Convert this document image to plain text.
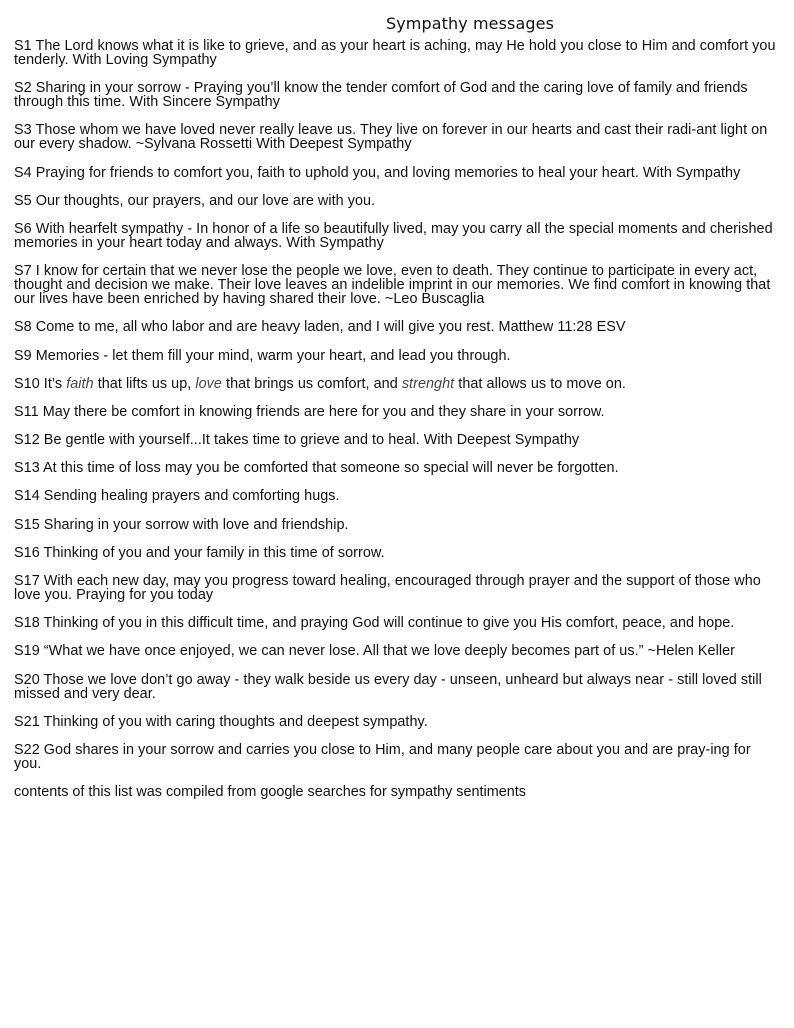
Sympathy messages

S1 The Lord knows what it is like to grieve, and as your heart is aching, may He hold you close to Him and comfort you tenderly. With Loving Sympathy

S2 Sharing in your sorrow - Praying you’ll know the tender comfort of God and the caring love of family and friends through this time. With Sincere Sympathy

S3 Those whom we have loved never really leave us. They live on forever in our hearts and cast their radi-ant light on our every shadow. ~Sylvana Rossetti With Deepest Sympathy

S4 Praying for friends to comfort you, faith to uphold you, and loving memories to heal your heart. With Sympathy

S5 Our thoughts, our prayers, and our love are with you.

S6 With hearfelt sympathy - In honor of a life so beautifully lived, may you carry all the special moments and cherished memories in your heart today and always. With Sympathy

S7 I know for certain that we never lose the people we love, even to death. They continue to participate in every act, thought and decision we make. Their love leaves an indelible imprint in our memories. We find comfort in knowing that our lives have been enriched by having shared their love. ~Leo Buscaglia

S8 Come to me, all who labor and are heavy laden, and I will give you rest. Matthew 11:28 ESV

S9 Memories - let them fill your mind, warm your heart, and lead you through.

S10 It’s faith that lifts us up, love that brings us comfort, and strenght that allows us to move on.

S11 May there be comfort in knowing friends are here for you and they share in your sorrow.

S12 Be gentle with yourself...It takes time to grieve and to heal. With Deepest Sympathy

S13 At this time of loss may you be comforted that someone so special will never be forgotten.

S14 Sending healing prayers and comforting hugs.

S15 Sharing in your sorrow with love and friendship.

S16 Thinking of you and your family in this time of sorrow.

S17 With each new day, may you progress toward healing, encouraged through prayer and the support of those who love you. Praying for you today

S18 Thinking of you in this difficult time, and praying God will continue to give you His comfort, peace, and hope.

S19 “What we have once enjoyed, we can never lose. All that we love deeply becomes part of us.” ~Helen Keller

S20 Those we love don’t go away - they walk beside us every day - unseen, unheard but always near - still loved still missed and very dear.

S21 Thinking of you with caring thoughts and deepest sympathy.

S22 God shares in your sorrow and carries you close to Him, and many people care about you and are pray-ing for you.

contents of this list was compiled from google searches for sympathy sentiments
